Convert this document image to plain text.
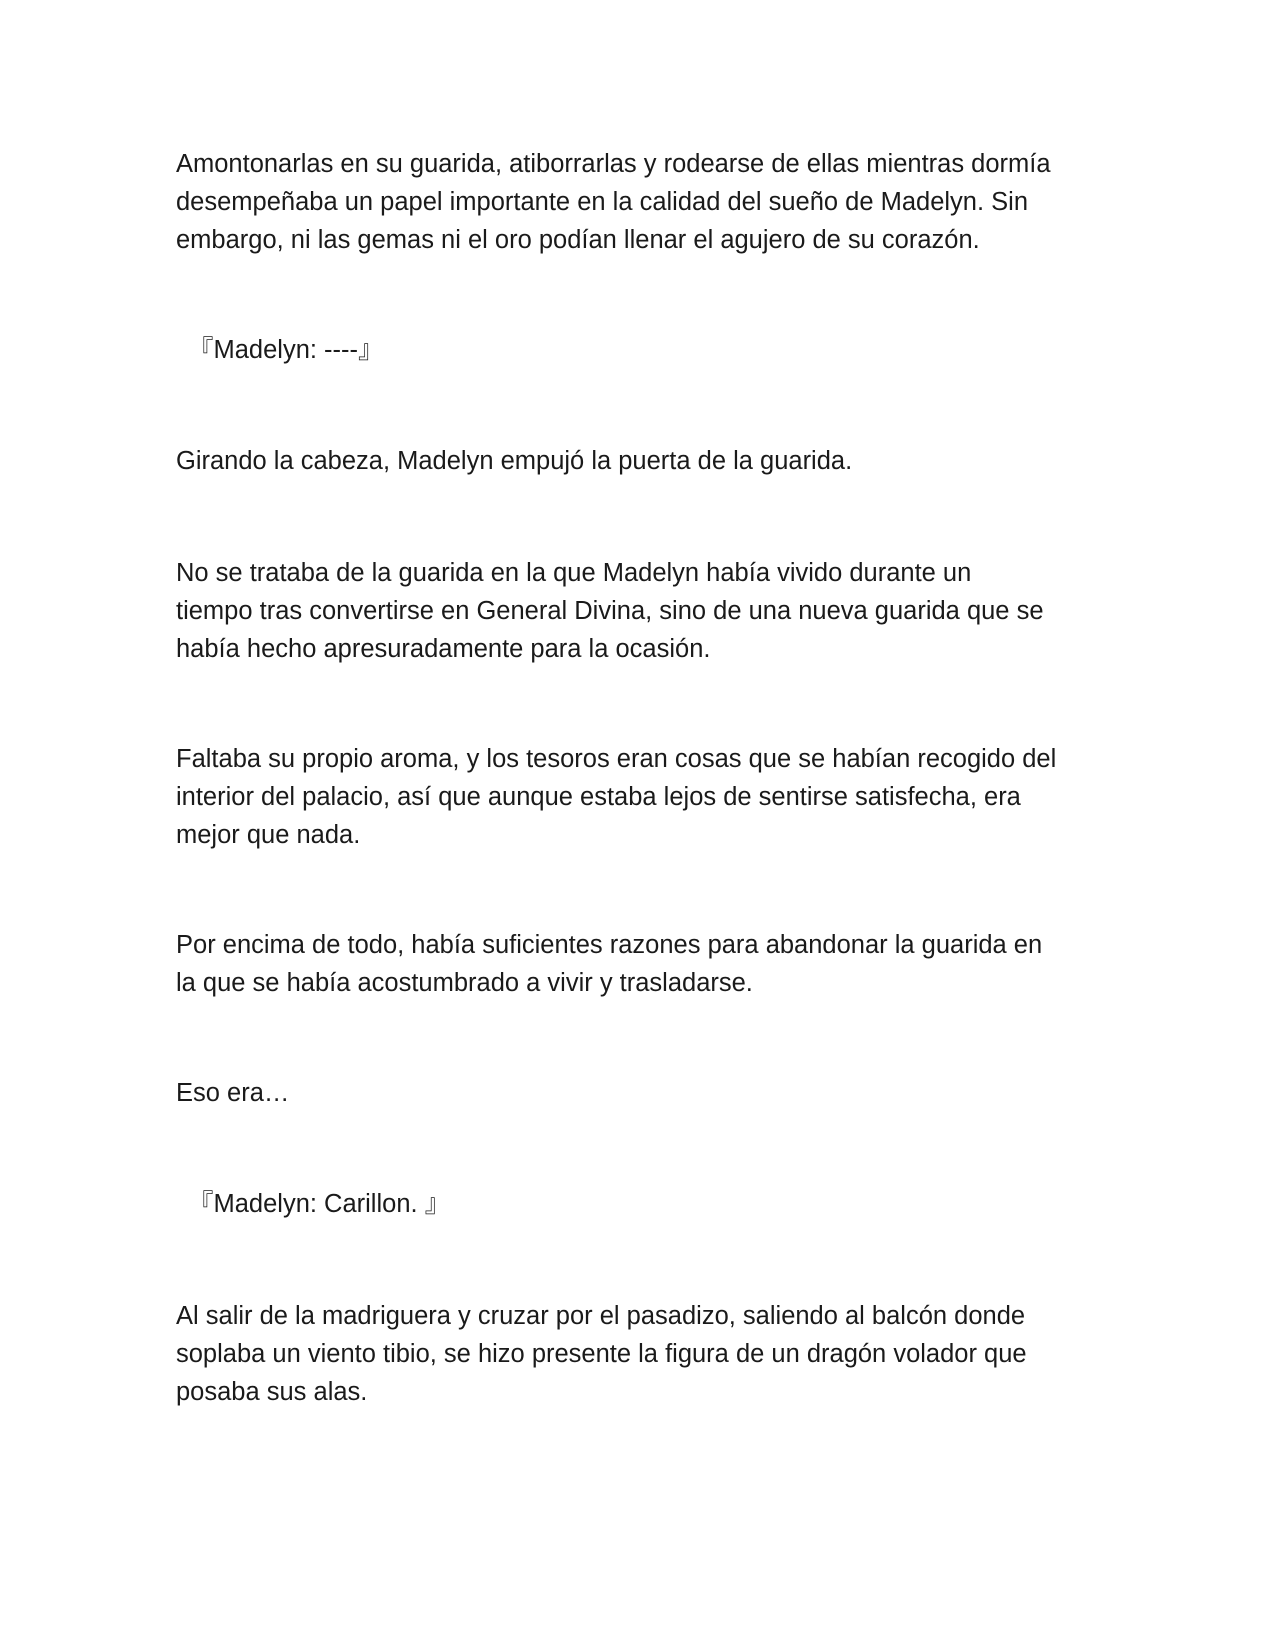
Amontonarlas en su guarida, atiborrarlas y rodearse de ellas mientras dormía
desempeñaba un papel importante en la calidad del sueño de Madelyn. Sin
embargo, ni las gemas ni el oro podían llenar el agujero de su corazón.

『Madelyn: ----』

Girando la cabeza, Madelyn empujó la puerta de la guarida.

No se trataba de la guarida en la que Madelyn había vivido durante un
tiempo tras convertirse en General Divina, sino de una nueva guarida que se
había hecho apresuradamente para la ocasión.

Faltaba su propio aroma, y los tesoros eran cosas que se habían recogido del
interior del palacio, así que aunque estaba lejos de sentirse satisfecha, era
mejor que nada.

Por encima de todo, había suficientes razones para abandonar la guarida en
la que se había acostumbrado a vivir y trasladarse.

Eso era…

『Madelyn: Carillon. 』

Al salir de la madriguera y cruzar por el pasadizo, saliendo al balcón donde
soplaba un viento tibio, se hizo presente la figura de un dragón volador que
posaba sus alas.
